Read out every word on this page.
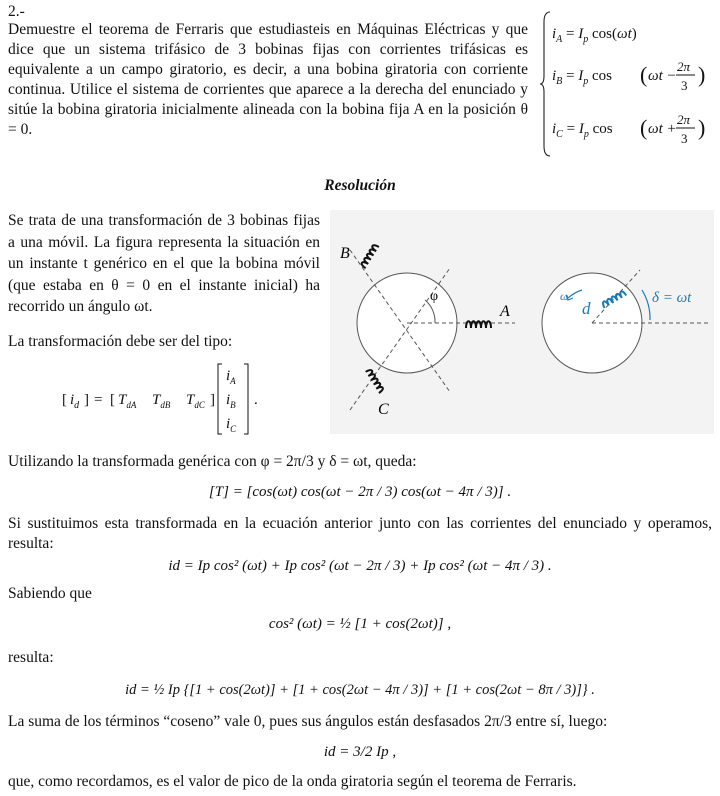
2.-
Demuestre el teorema de Ferraris que estudiasteis en Máquinas Eléctricas y que dice que un sistema trifásico de 3 bobinas fijas con corrientes trifásicas es equivalente a un campo giratorio, es decir, a una bobina giratoria con corriente continua. Utilice el sistema de corrientes que aparece a la derecha del enunciado y sitúe la bobina giratoria inicialmente alineada con la bobina fija A en la posición θ = 0.
$i_A = I_p$ cos(ωt)
$i_B = I_p$ cos ( ωt −
2π
3 )
$i_C = I_p$ cos ( ωt +
2π
3 )
Resolución
Se trata de una transformación de 3 bobinas fijas a una móvil. La figura representa la situación en un instante t genérico en el que la bobina móvil (que estaba en θ = 0 en el instante inicial) ha recorrido un ángulo ωt.
La transformación debe ser del tipo:
[ $i_d$ ] = [ $T_{dA}$ $T_{dB}$ $T_{dC}$ ]
$i_A$
$i_B$
$i_C$
.
B
A
C
φ	ω
d
δ = ωt
Utilizando la transformada genérica con φ = 2π/3 y δ = ωt, queda:
[T] = [cos(ωt) cos(ωt − 2π / 3) cos(ωt − 4π / 3)] .
Si sustituimos esta transformada en la ecuación anterior junto con las corrientes del enunciado y operamos, resulta:
id = Ip cos² (ωt) + Ip cos² (ωt − 2π / 3) + Ip cos² (ωt − 4π / 3) .
Sabiendo que
cos² (ωt) = ½ [1 + cos(2ωt)] ,
resulta:
id = ½ Ip {[1 + cos(2ωt)] + [1 + cos(2ωt − 4π / 3)] + [1 + cos(2ωt − 8π / 3)]} .
La suma de los términos “coseno” vale 0, pues sus ángulos están desfasados 2π/3 entre sí, luego:
id = 3/2 Ip ,
que, como recordamos, es el valor de pico de la onda giratoria según el teorema de Ferraris.
